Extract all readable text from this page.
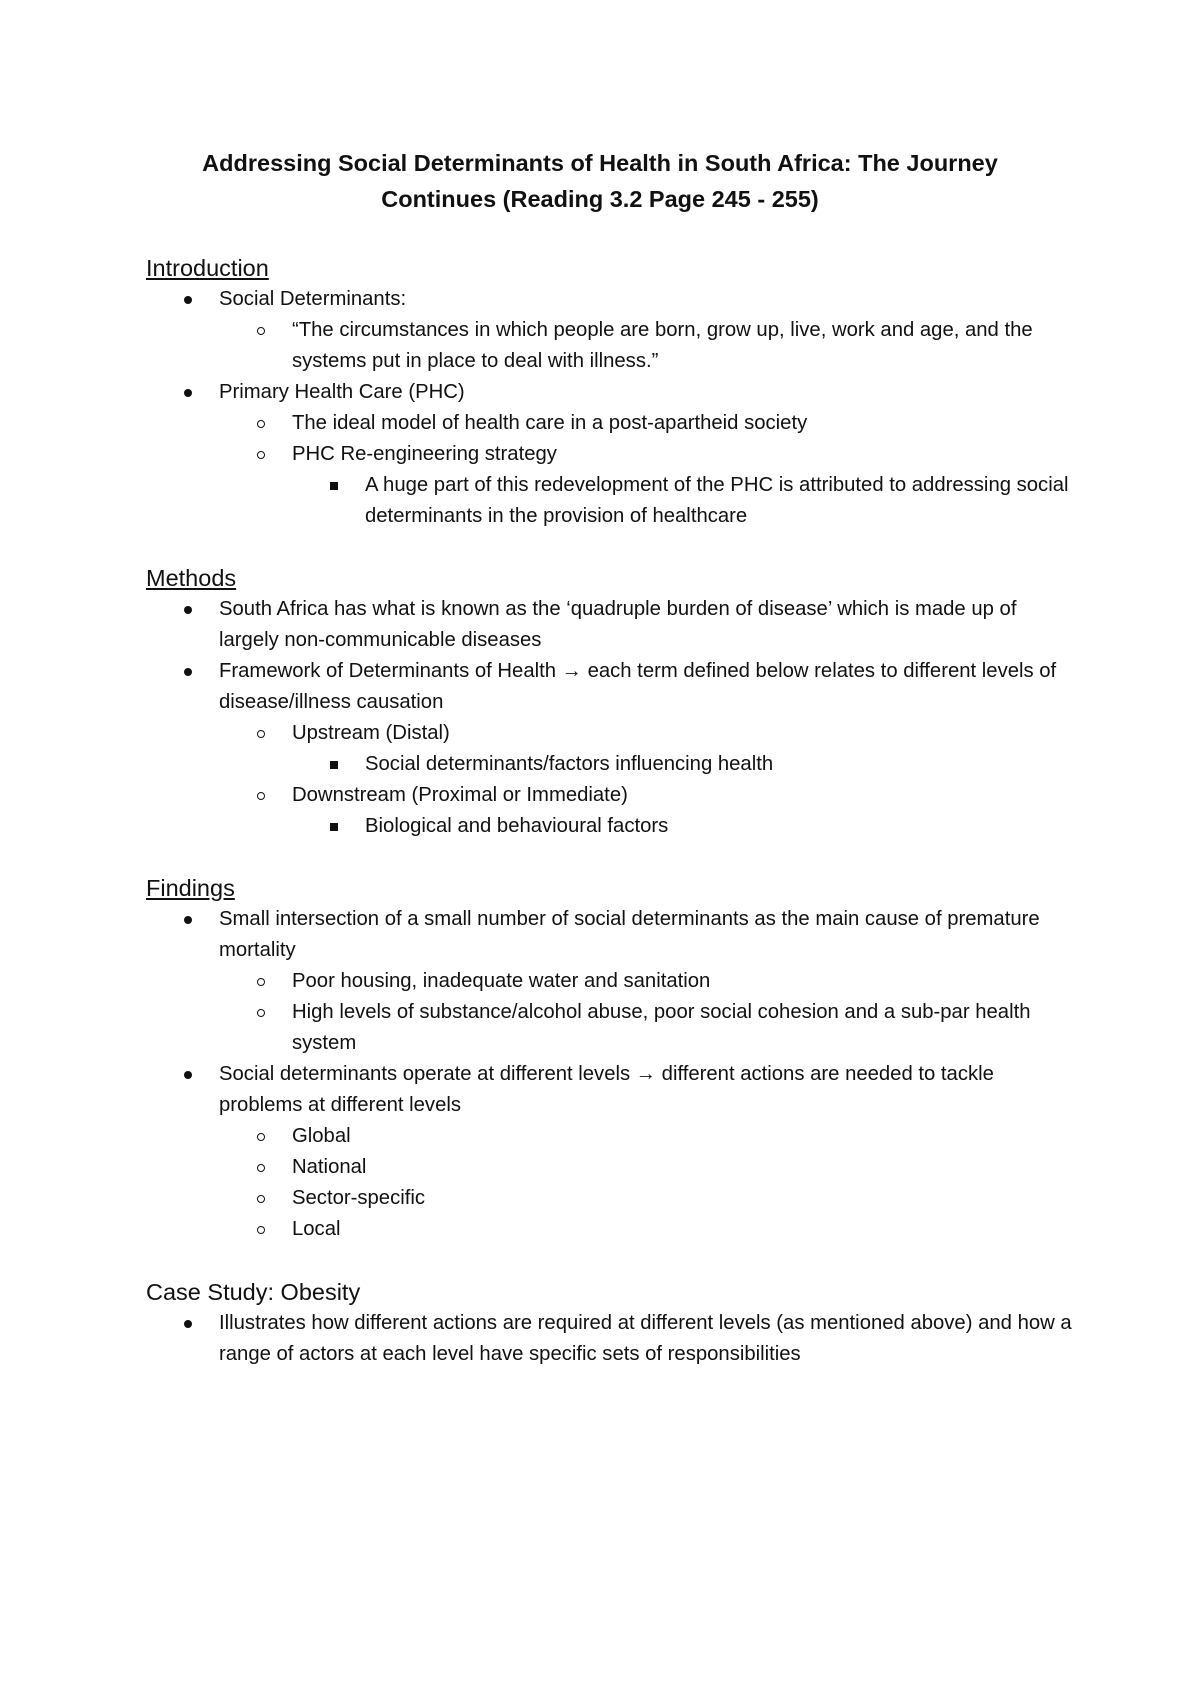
Addressing Social Determinants of Health in South Africa: The Journey
Continues (Reading 3.2 Page 245 - 255)
Introduction
Social Determinants:
“The circumstances in which people are born, grow up, live, work and age, and the systems put in place to deal with illness.”
Primary Health Care (PHC)
The ideal model of health care in a post-apartheid society
PHC Re-engineering strategy
A huge part of this redevelopment of the PHC is attributed to addressing social determinants in the provision of healthcare
Methods
South Africa has what is known as the ‘quadruple burden of disease’ which is made up of largely non-communicable diseases
Framework of Determinants of Health → each term defined below relates to different levels of disease/illness causation
Upstream (Distal)
Social determinants/factors influencing health
Downstream (Proximal or Immediate)
Biological and behavioural factors
Findings
Small intersection of a small number of social determinants as the main cause of premature mortality
Poor housing, inadequate water and sanitation
High levels of substance/alcohol abuse, poor social cohesion and a sub-par health system
Social determinants operate at different levels → different actions are needed to tackle problems at different levels
Global
National
Sector-specific
Local
Case Study: Obesity
Illustrates how different actions are required at different levels (as mentioned above) and how a range of actors at each level have specific sets of responsibilities
